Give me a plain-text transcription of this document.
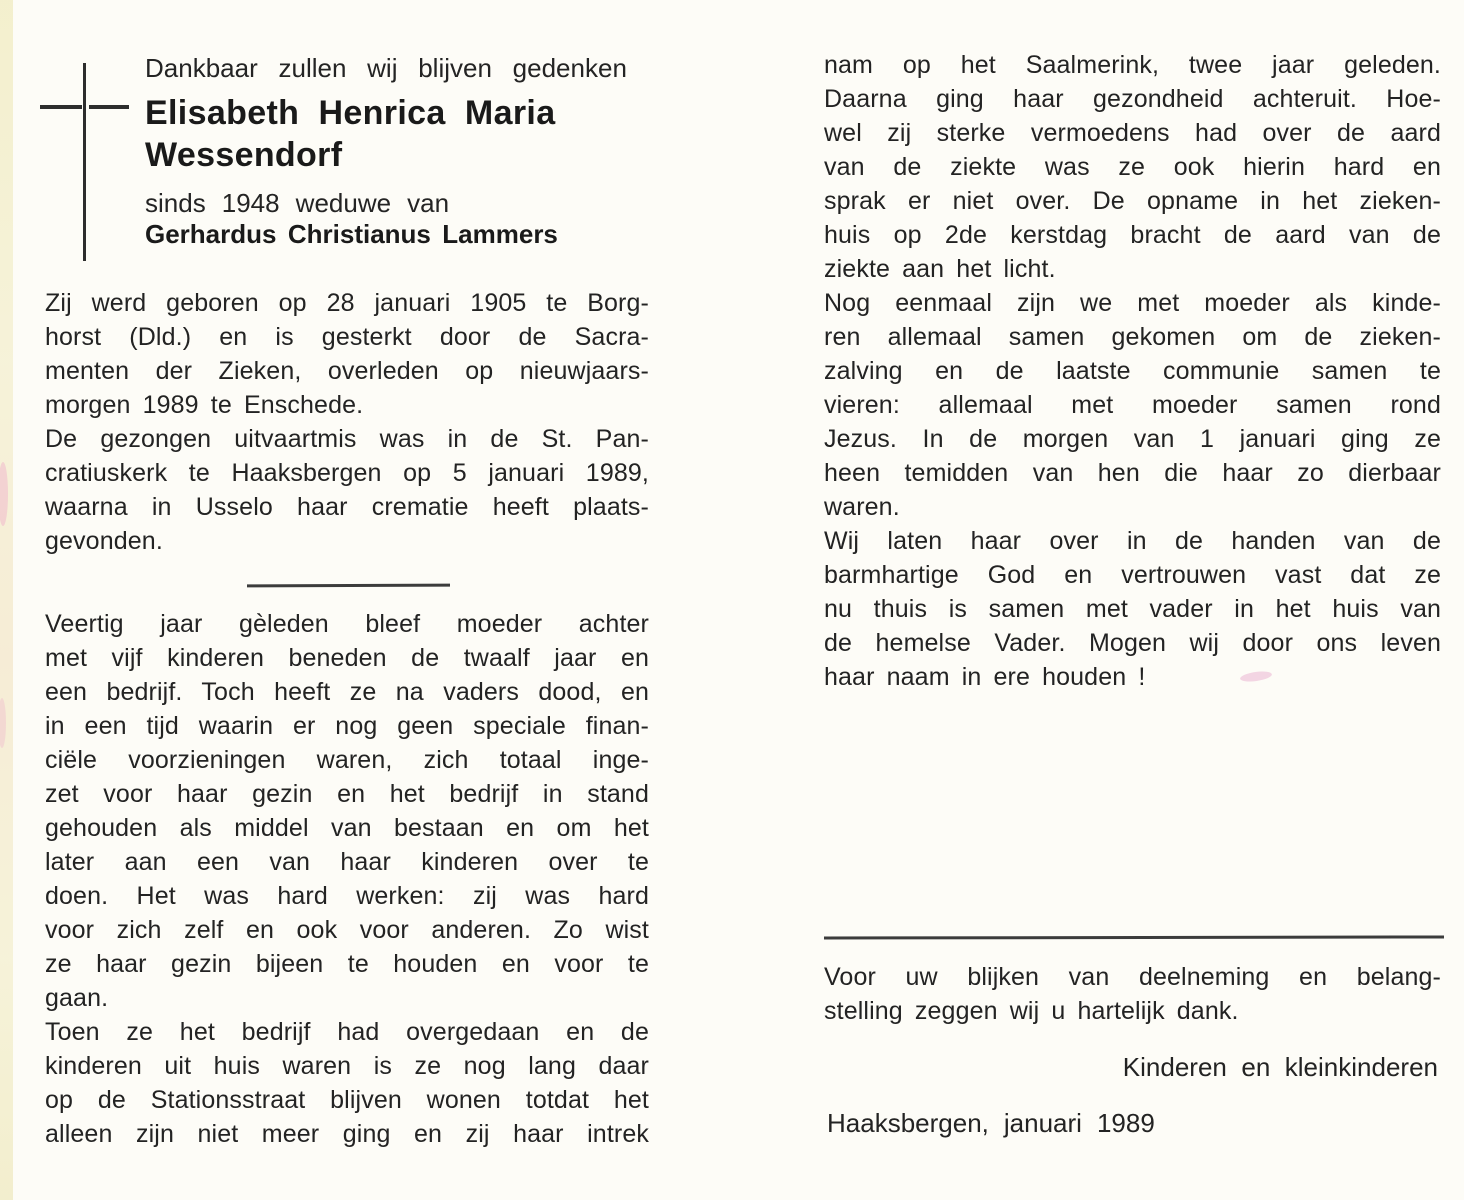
Dankbaar zullen wij blijven gedenken
Elisabeth Henrica Maria
Wessendorf
sinds 1948 weduwe van
Gerhardus Christianus Lammers
Zij werd geboren op 28 januari 1905 te Borg-
horst (Dld.) en is gesterkt door de Sacra-
menten der Zieken, overleden op nieuwjaars-
morgen 1989 te Enschede.
De gezongen uitvaartmis was in de St. Pan-
cratiuskerk te Haaksbergen op 5 januari 1989,
waarna in Usselo haar crematie heeft plaats-
gevonden.
Veertig jaar gèleden bleef moeder achter
met vijf kinderen beneden de twaalf jaar en
een bedrijf. Toch heeft ze na vaders dood, en
in een tijd waarin er nog geen speciale finan-
ciële voorzieningen waren, zich totaal inge-
zet voor haar gezin en het bedrijf in stand
gehouden als middel van bestaan en om het
later aan een van haar kinderen over te
doen. Het was hard werken: zij was hard
voor zich zelf en ook voor anderen. Zo wist
ze haar gezin bijeen te houden en voor te
gaan.
Toen ze het bedrijf had overgedaan en de
kinderen uit huis waren is ze nog lang daar
op de Stationsstraat blijven wonen totdat het
alleen zijn niet meer ging en zij haar intrek
nam op het Saalmerink, twee jaar geleden.
Daarna ging haar gezondheid achteruit. Hoe-
wel zij sterke vermoedens had over de aard
van de ziekte was ze ook hierin hard en
sprak er niet over. De opname in het zieken-
huis op 2de kerstdag bracht de aard van de
ziekte aan het licht.
Nog eenmaal zijn we met moeder als kinde-
ren allemaal samen gekomen om de zieken-
zalving en de laatste communie samen te
vieren: allemaal met moeder samen rond
Jezus. In de morgen van 1 januari ging ze
heen temidden van hen die haar zo dierbaar
waren.
Wij laten haar over in de handen van de
barmhartige God en vertrouwen vast dat ze
nu thuis is samen met vader in het huis van
de hemelse Vader. Mogen wij door ons leven
haar naam in ere houden !
Voor uw blijken van deelneming en belang-
stelling zeggen wij u hartelijk dank.
Kinderen en kleinkinderen
Haaksbergen, januari 1989
